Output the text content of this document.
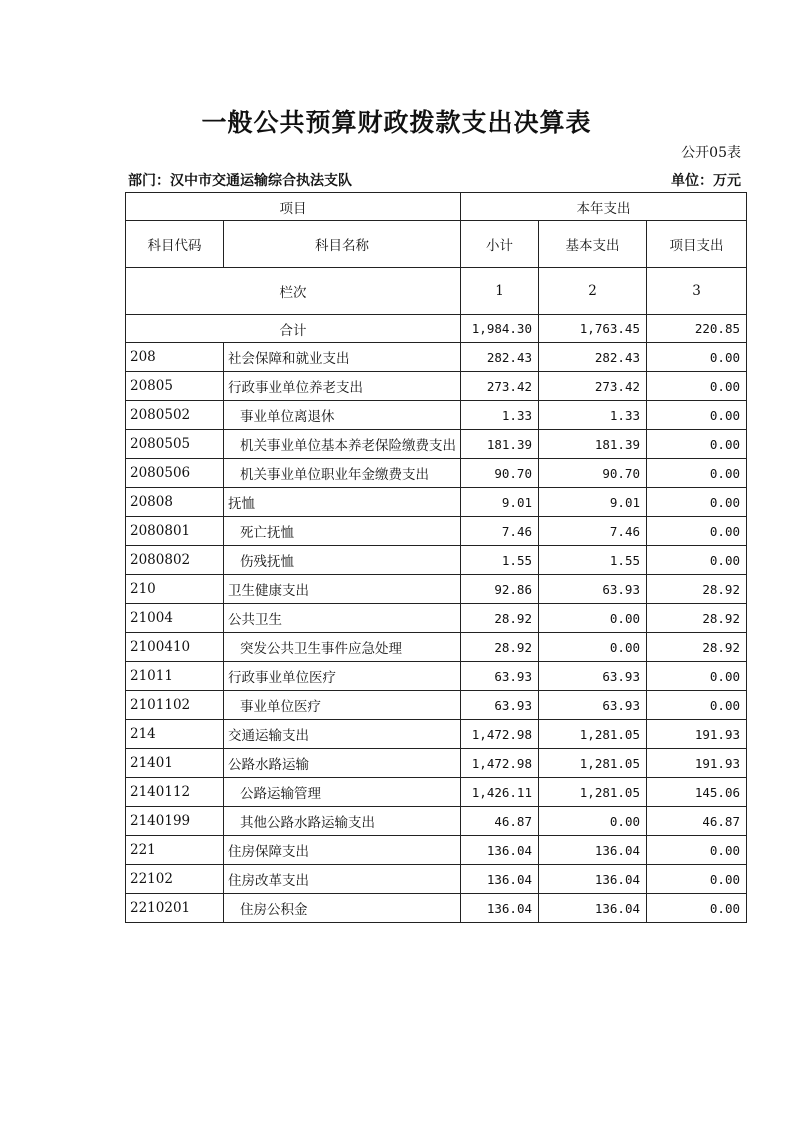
一般公共预算财政拨款支出决算表
公开05表
部门：汉中市交通运输综合执法支队	单位：万元
项目		本年支出		
科目代码	科目名称	小计	基本支出	项目支出
栏次		1	2	3
合计		1,984.30	1,763.45	220.85
208	社会保障和就业支出	282.43	282.43	0.00
20805	行政事业单位养老支出	273.42	273.42	0.00
2080502	事业单位离退休	1.33	1.33	0.00
2080505	机关事业单位基本养老保险缴费支出	181.39	181.39	0.00
2080506	机关事业单位职业年金缴费支出	90.70	90.70	0.00
20808	抚恤	9.01	9.01	0.00
2080801	死亡抚恤	7.46	7.46	0.00
2080802	伤残抚恤	1.55	1.55	0.00
210	卫生健康支出	92.86	63.93	28.92
21004	公共卫生	28.92	0.00	28.92
2100410	突发公共卫生事件应急处理	28.92	0.00	28.92
21011	行政事业单位医疗	63.93	63.93	0.00
2101102	事业单位医疗	63.93	63.93	0.00
214	交通运输支出	1,472.98	1,281.05	191.93
21401	公路水路运输	1,472.98	1,281.05	191.93
2140112	公路运输管理	1,426.11	1,281.05	145.06
2140199	其他公路水路运输支出	46.87	0.00	46.87
221	住房保障支出	136.04	136.04	0.00
22102	住房改革支出	136.04	136.04	0.00
2210201	住房公积金	136.04	136.04	0.00
